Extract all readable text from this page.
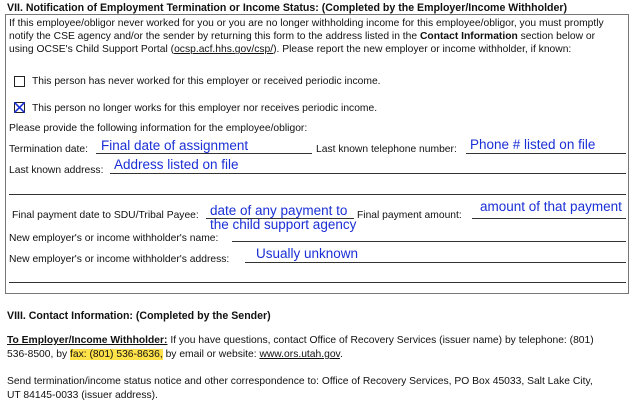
VII. Notification of Employment Termination or Income Status: (Completed by the Employer/Income Withholder)
If this employee/obligor never worked for you or you are no longer withholding income for this employee/obligor, you must promptly notify the CSE agency and/or the sender by returning this form to the address listed in the Contact Information section below or using OCSE's Child Support Portal (ocsp.acf.hhs.gov/csp/). Please report the new employer or income withholder, if known:
This person has never worked for this employer or received periodic income.
This person no longer works for this employer nor receives periodic income.
Please provide the following information for the employee/obligor:
Termination date: Final date of assignment	Last known telephone number: Phone # listed on file
Last known address: Address listed on file
Final payment date to SDU/Tribal Payee: date of any payment to
the child support agency
Final payment amount:
amount of that payment
New employer's or income withholder's name:
New employer's or income withholder's address: Usually unknown
VIII. Contact Information: (Completed by the Sender)
To Employer/Income Withholder: If you have questions, contact Office of Recovery Services (issuer name) by telephone: (801)
536-8500, by fax: (801) 536-8636, by email or website: www.ors.utah.gov.
Send termination/income status notice and other correspondence to: Office of Recovery Services, PO Box 45033, Salt Lake City,
UT 84145-0033 (issuer address).
